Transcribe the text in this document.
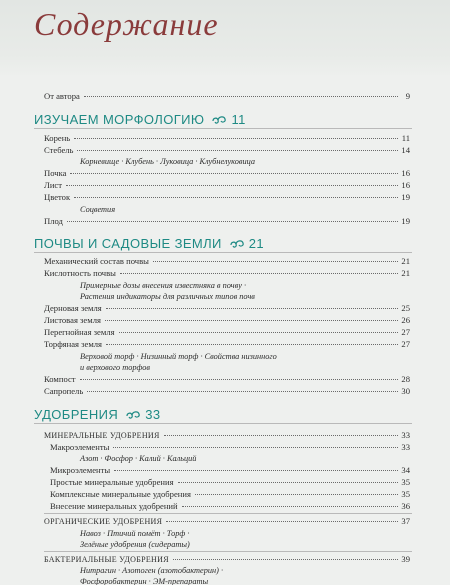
Содержание
От автора	9
ИЗУЧАЕМ МОРФОЛОГИЮ 11
Корень	11
Стебель	14
Корневище · Клубень · Луковица · Клубнелуковица
Почка	16
Лист	16
Цветок	19
Соцветия
Плод	19
ПОЧВЫ И САДОВЫЕ ЗЕМЛИ 21
Механический состав почвы	21
Кислотность почвы	21
Примерные дозы внесения известняка в почву ·
Растения индикаторы для различных типов почв
Дерновая земля	25
Листовая земля	26
Перегнойная земля	27
Торфяная земля	27
Верховой торф · Низинный торф · Свойства низинного
и верхового торфов
Компост	28
Сапропель	30
УДОБРЕНИЯ 33
МИНЕРАЛЬНЫЕ УДОБРЕНИЯ	33
Макроэлементы	33
Азот · Фосфор · Калий · Кальций
Микроэлементы	34
Простые минеральные удобрения	35
Комплексные минеральные удобрения	35
Внесение минеральных удобрений	36
ОРГАНИЧЕСКИЕ УДОБРЕНИЯ	37
Навоз · Птичий помёт · Торф ·
Зелёные удобрения (сидераты)
БАКТЕРИАЛЬНЫЕ УДОБРЕНИЯ	39
Нитрагин · Азотоген (азотобактерин) ·
Фосфоробактерин · ЭМ-препараты
